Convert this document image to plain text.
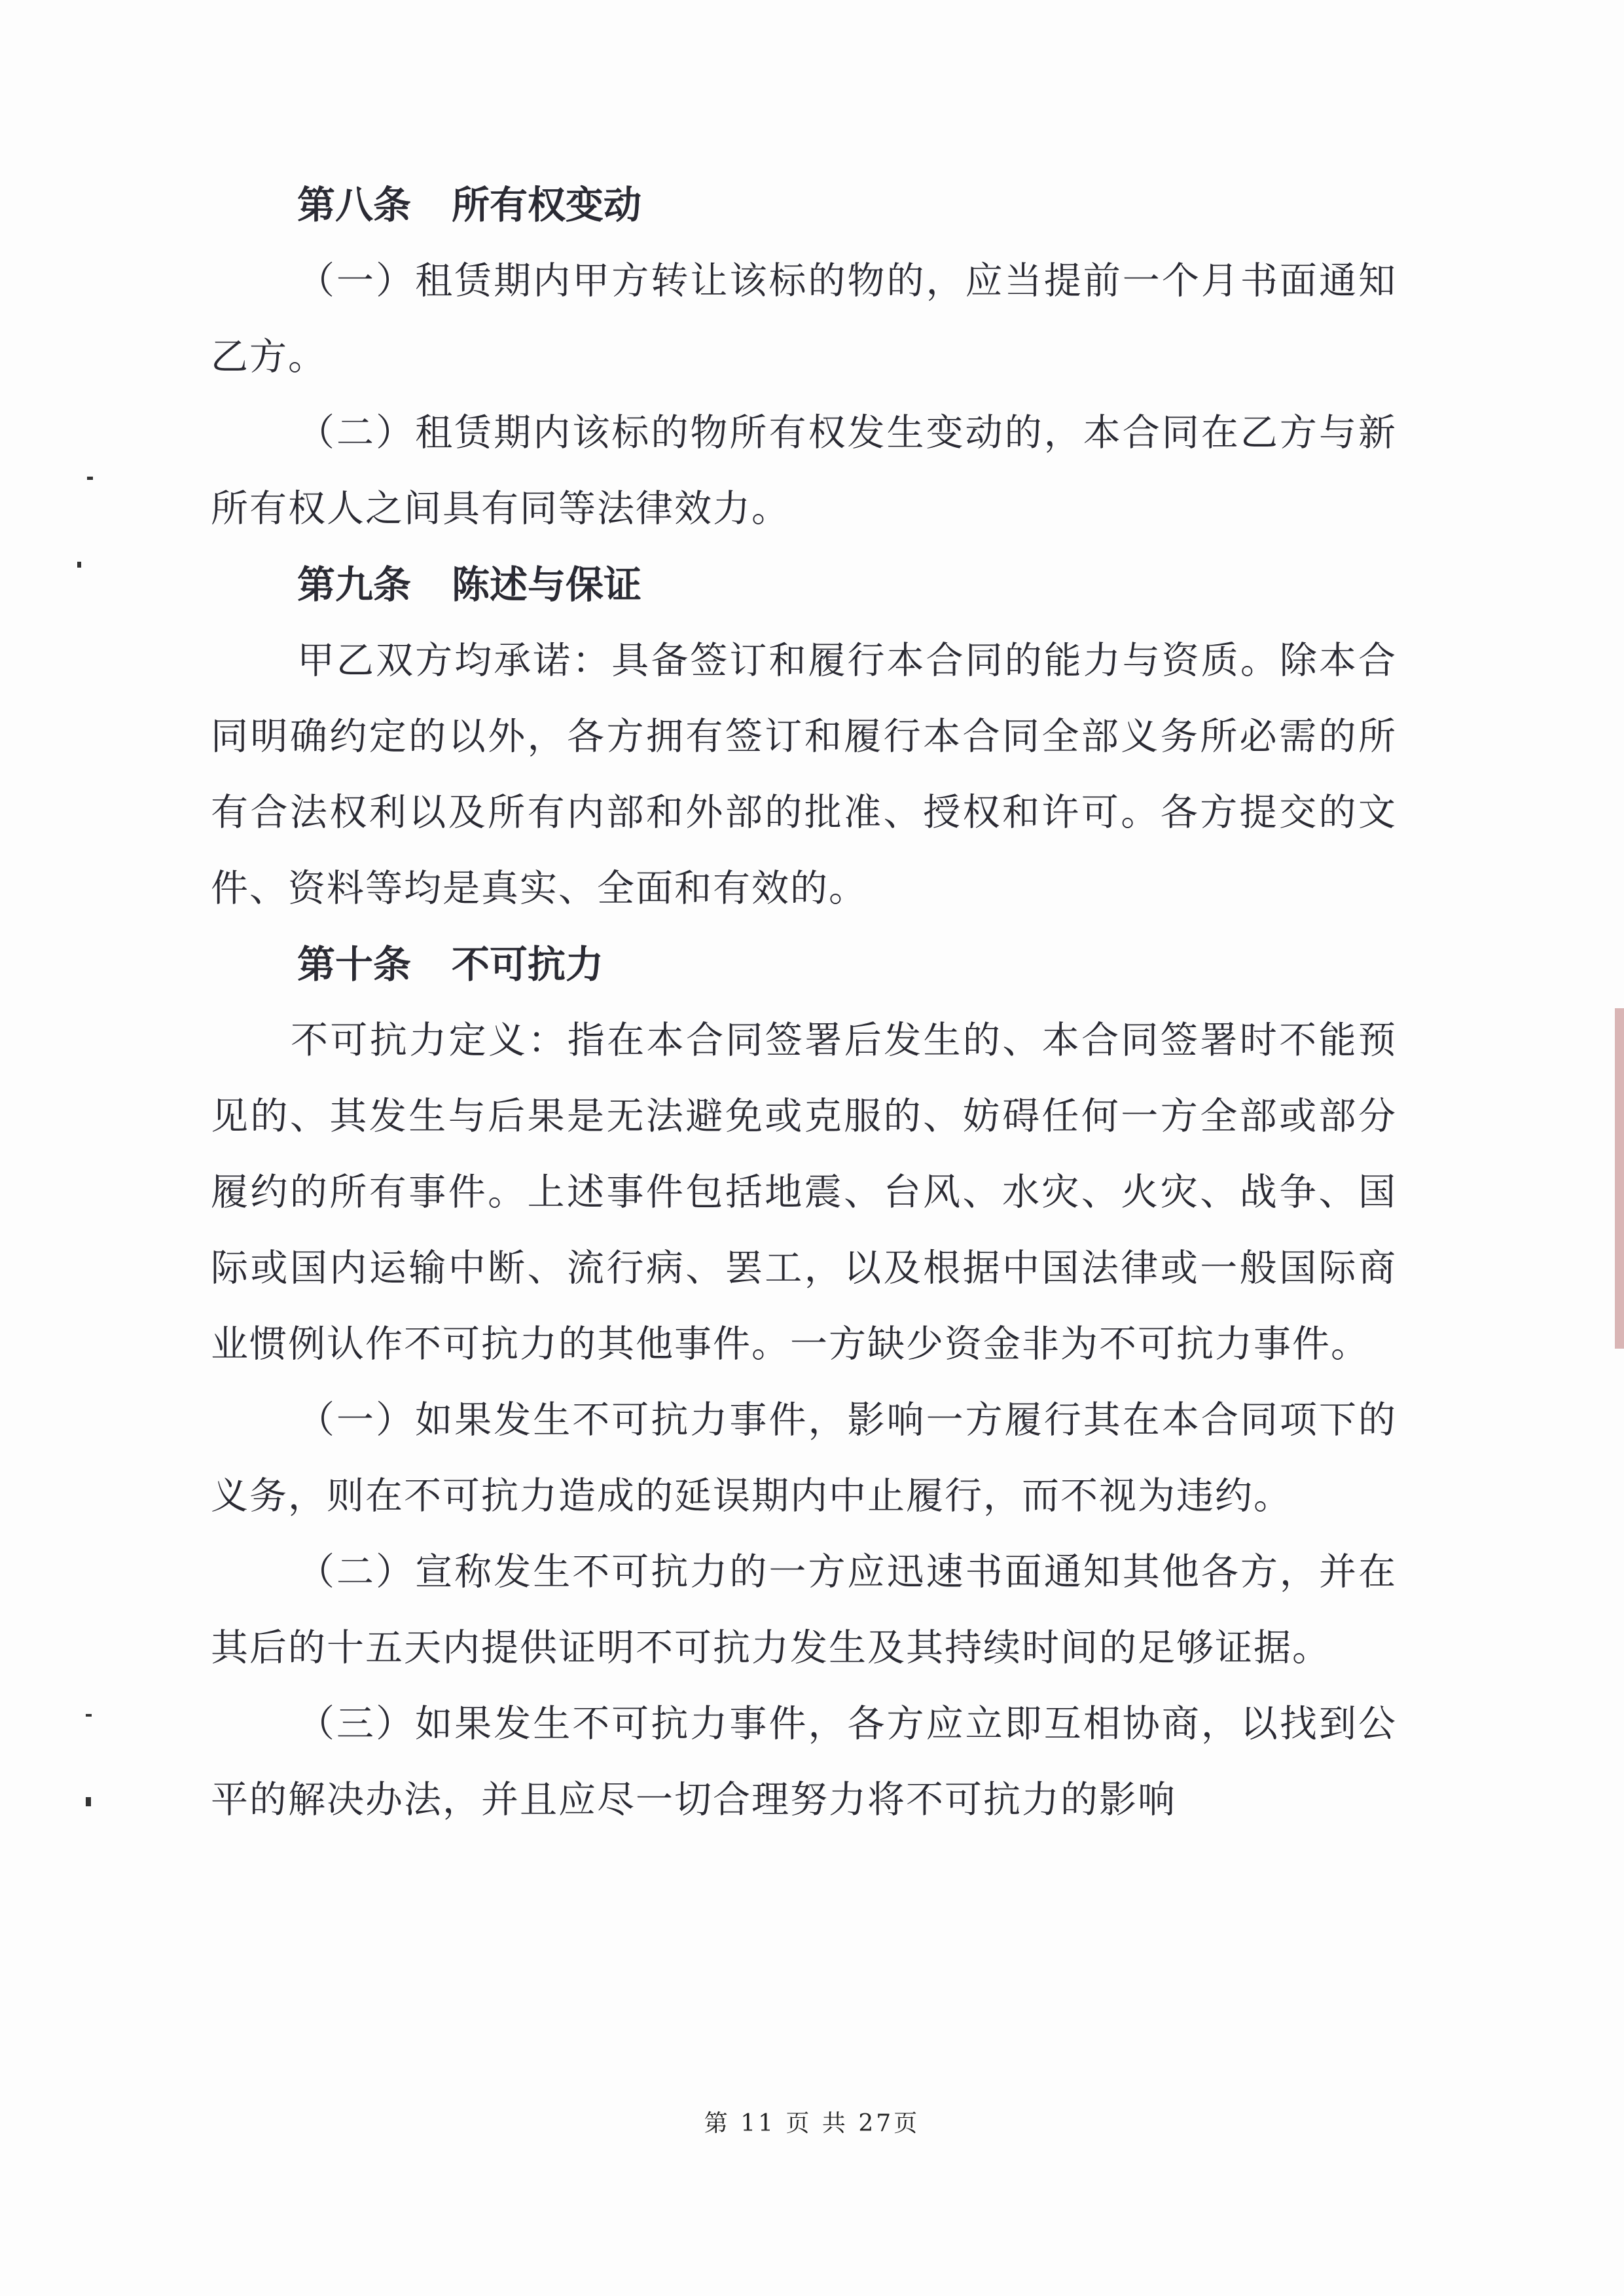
第八条 所有权变动

（一）租赁期内甲方转让该标的物的，应当提前一个月书面通知乙方。

（二）租赁期内该标的物所有权发生变动的，本合同在乙方与新所有权人之间具有同等法律效力。

第九条 陈述与保证

甲乙双方均承诺：具备签订和履行本合同的能力与资质。除本合同明确约定的以外，各方拥有签订和履行本合同全部义务所必需的所有合法权利以及所有内部和外部的批准、授权和许可。各方提交的文件、资料等均是真实、全面和有效的。

第十条 不可抗力

不可抗力定义：指在本合同签署后发生的、本合同签署时不能预见的、其发生与后果是无法避免或克服的、妨碍任何一方全部或部分履约的所有事件。上述事件包括地震、台风、水灾、火灾、战争、国际或国内运输中断、流行病、罢工，以及根据中国法律或一般国际商业惯例认作不可抗力的其他事件。一方缺少资金非为不可抗力事件。

（一）如果发生不可抗力事件，影响一方履行其在本合同项下的义务，则在不可抗力造成的延误期内中止履行，而不视为违约。

（二）宣称发生不可抗力的一方应迅速书面通知其他各方，并在其后的十五天内提供证明不可抗力发生及其持续时间的足够证据。

（三）如果发生不可抗力事件，各方应立即互相协商，以找到公平的解决办法，并且应尽一切合理努力将不可抗力的影响

第 11 页 共 27页
